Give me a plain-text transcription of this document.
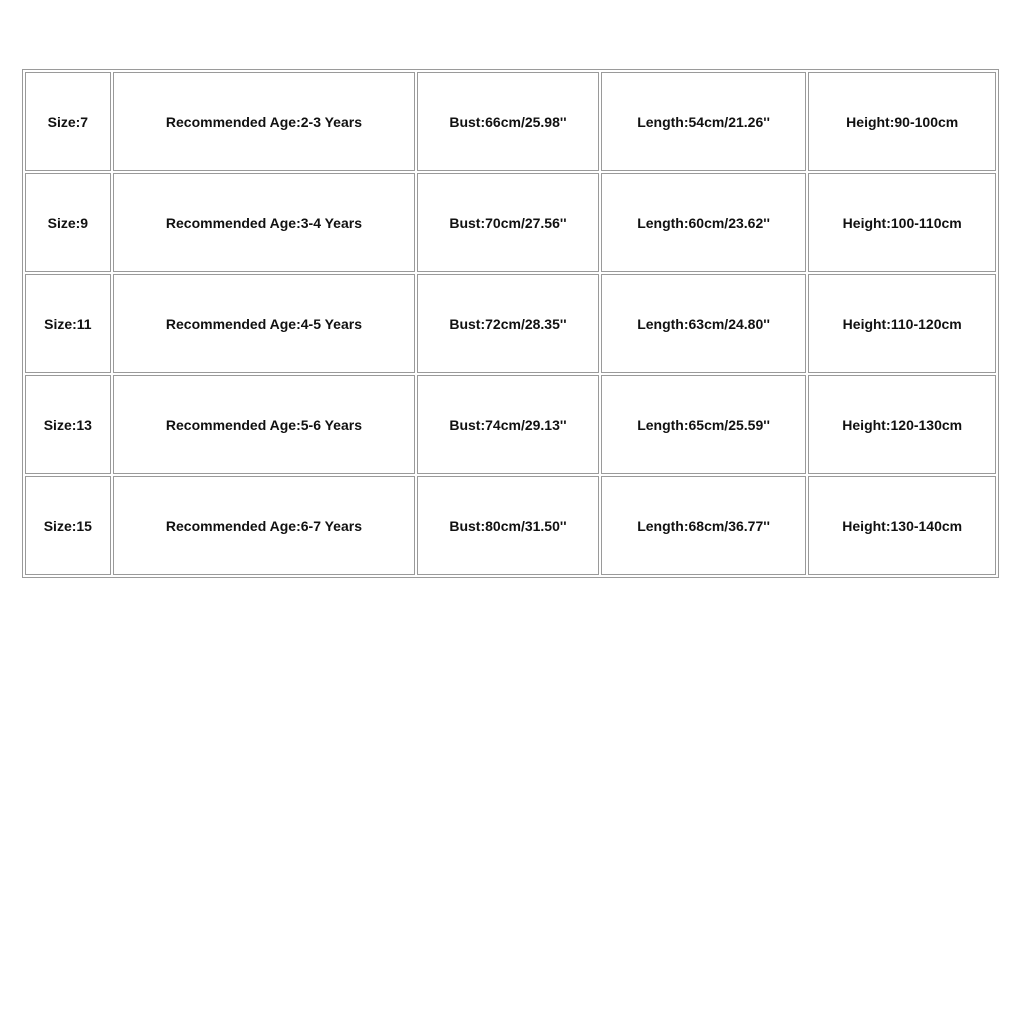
Size:7	Recommended Age:2-3 Years	Bust:66cm/25.98''	Length:54cm/21.26''	Height:90-100cm
Size:9	Recommended Age:3-4 Years	Bust:70cm/27.56''	Length:60cm/23.62''	Height:100-110cm
Size:11	Recommended Age:4-5 Years	Bust:72cm/28.35''	Length:63cm/24.80''	Height:110-120cm
Size:13	Recommended Age:5-6 Years	Bust:74cm/29.13''	Length:65cm/25.59''	Height:120-130cm
Size:15	Recommended Age:6-7 Years	Bust:80cm/31.50''	Length:68cm/36.77''	Height:130-140cm
